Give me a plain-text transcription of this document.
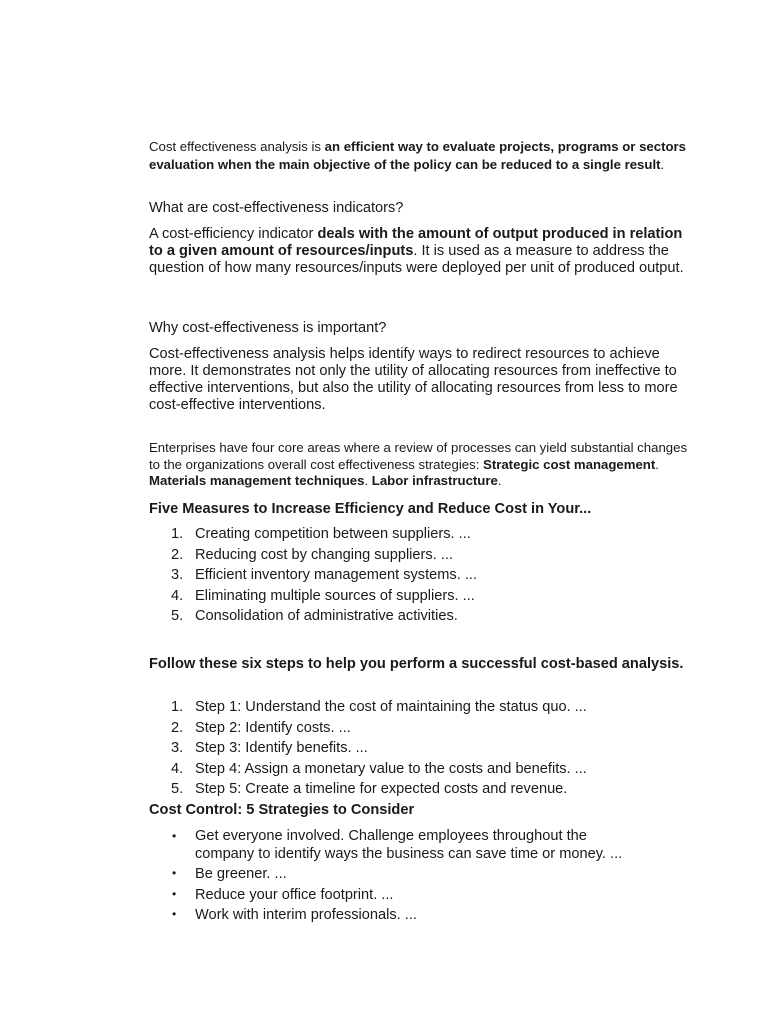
Cost effectiveness analysis is an efficient way to evaluate projects, programs or sectors evaluation when the main objective of the policy can be reduced to a single result.

What are cost-effectiveness indicators?

A cost-efficiency indicator deals with the amount of output produced in relation to a given amount of resources/inputs. It is used as a measure to address the question of how many resources/inputs were deployed per unit of produced output.

Why cost-effectiveness is important?

Cost-effectiveness analysis helps identify ways to redirect resources to achieve more. It demonstrates not only the utility of allocating resources from ineffective to effective interventions, but also the utility of allocating resources from less to more cost-effective interventions.

Enterprises have four core areas where a review of processes can yield substantial changes to the organizations overall cost effectiveness strategies: Strategic cost management. Materials management techniques. Labor infrastructure.

Five Measures to Increase Efficiency and Reduce Cost in Your...

1. Creating competition between suppliers. ...
2. Reducing cost by changing suppliers. ...
3. Efficient inventory management systems. ...
4. Eliminating multiple sources of suppliers. ...
5. Consolidation of administrative activities.

Follow these six steps to help you perform a successful cost-based analysis.

1. Step 1: Understand the cost of maintaining the status quo. ...
2. Step 2: Identify costs. ...
3. Step 3: Identify benefits. ...
4. Step 4: Assign a monetary value to the costs and benefits. ...
5. Step 5: Create a timeline for expected costs and revenue.

Cost Control: 5 Strategies to Consider

• Get everyone involved. Challenge employees throughout the company to identify ways the business can save time or money. ...
• Be greener. ...
• Reduce your office footprint. ...
• Work with interim professionals. ...
